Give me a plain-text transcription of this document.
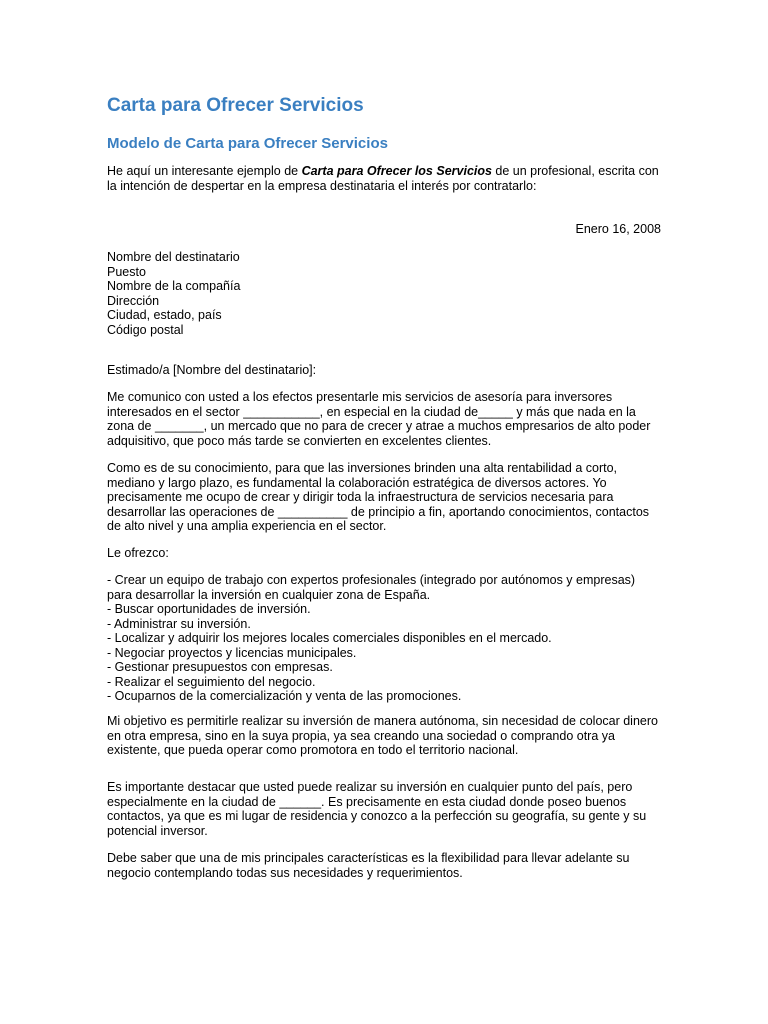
Carta para Ofrecer Servicios
Modelo de Carta para Ofrecer Servicios

He aquí un interesante ejemplo de Carta para Ofrecer los Servicios de un profesional, escrita con la intención de despertar en la empresa destinataria el interés por contratarlo:

Enero 16, 2008

Nombre del destinatario
Puesto
Nombre de la compañía
Dirección
Ciudad, estado, país
Código postal

Estimado/a [Nombre del destinatario]:

Me comunico con usted a los efectos presentarle mis servicios de asesoría para inversores interesados en el sector ___________, en especial en la ciudad de_____ y más que nada en la zona de _______, un mercado que no para de crecer y atrae a muchos empresarios de alto poder adquisitivo, que poco más tarde se convierten en excelentes clientes.

Como es de su conocimiento, para que las inversiones brinden una alta rentabilidad a corto, mediano y largo plazo, es fundamental la colaboración estratégica de diversos actores. Yo precisamente me ocupo de crear y dirigir toda la infraestructura de servicios necesaria para desarrollar las operaciones de __________ de principio a fin, aportando conocimientos, contactos de alto nivel y una amplia experiencia en el sector.

Le ofrezco:

- Crear un equipo de trabajo con expertos profesionales (integrado por autónomos y empresas) para desarrollar la inversión en cualquier zona de España.
- Buscar oportunidades de inversión.
- Administrar su inversión.
- Localizar y adquirir los mejores locales comerciales disponibles en el mercado.
- Negociar proyectos y licencias municipales.
- Gestionar presupuestos con empresas.
- Realizar el seguimiento del negocio.
- Ocuparnos de la comercialización y venta de las promociones.

Mi objetivo es permitirle realizar su inversión de manera autónoma, sin necesidad de colocar dinero en otra empresa, sino en la suya propia, ya sea creando una sociedad o comprando otra ya existente, que pueda operar como promotora en todo el territorio nacional.

Es importante destacar que usted puede realizar su inversión en cualquier punto del país, pero especialmente en la ciudad de ______. Es precisamente en esta ciudad donde poseo buenos contactos, ya que es mi lugar de residencia y conozco a la perfección su geografía, su gente y su potencial inversor.

Debe saber que una de mis principales características es la flexibilidad para llevar adelante su negocio contemplando todas sus necesidades y requerimientos.
